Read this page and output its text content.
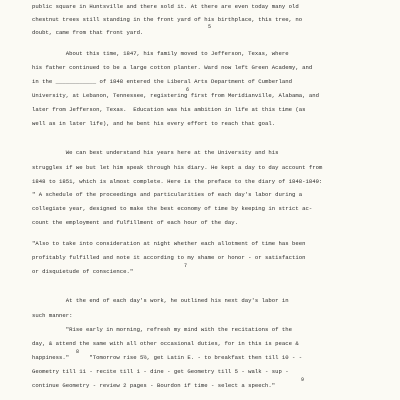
public square in Huntsville and there sold it. At there are even today many old
chestnut trees still standing in the front yard of his birthplace, this tree, no
5
doubt, came from that front yard.
About this time, 1847, his family moved to Jefferson, Texas, where
his father continued to be a large cotton planter. Ward now left Green Academy, and
in the ____________ of 1848 entered the Liberal Arts Department of Cumberland
6
University, at Lebanon, Tennessee, registering first from Meridianville, Alabama, and
later from Jefferson, Texas.  Education was his ambition in life at this time (as
well as in later life), and he bent his every effort to reach that goal.
We can best understand his years here at the University and his
struggles if we but let him speak through his diary. He kept a day to day account from
1848 to 1851, which is almost complete. Here is the preface to the diary of 1848-1849:
" A schedule of the proceedings and particularities of each day's labor during a
collegiate year, designed to make the best economy of time by keeping in strict ac-
count the employment and fulfillment of each hour of the day.
"Also to take into consideration at night whether each allotment of time has been
profitably fulfilled and note it according to my shame or honor - or satisfaction
7
or disquietude of conscience."
At the end of each day's work, he outlined his next day's labor in
such manner:
"Rise early in morning, refresh my mind with the recitations of the
day, & attend the same with all other occasional duties, for in this is peace &
8
happiness."      "Tomorrow rise 5½, get Latin E. - to breakfast then till 10 - -
Geometry till 11 - recite till 1 - dine - get Geometry till 5 - walk - sup -
9
continue Geometry - review 2 pages - Bourdon if time - select a speech."
